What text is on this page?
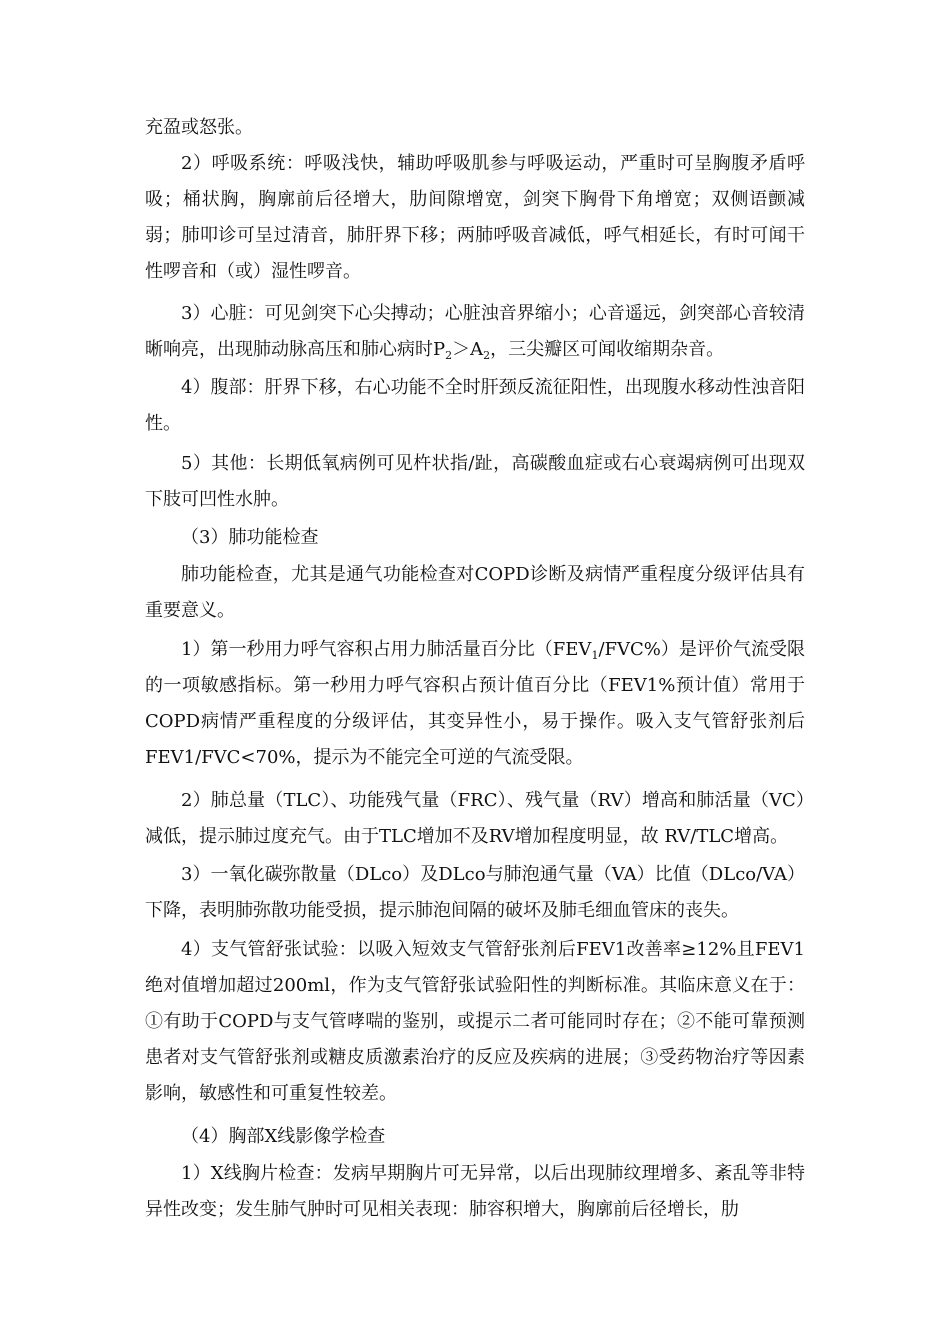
充盈或怒张。
2）呼吸系统：呼吸浅快，辅助呼吸肌参与呼吸运动，严重时可呈胸腹矛盾呼吸；桶状胸，胸廓前后径增大，肋间隙增宽，剑突下胸骨下角增宽；双侧语颤减弱；肺叩诊可呈过清音，肺肝界下移；两肺呼吸音减低，呼气相延长，有时可闻干性啰音和（或）湿性啰音。
3）心脏：可见剑突下心尖搏动；心脏浊音界缩小；心音遥远，剑突部心音较清晰响亮，出现肺动脉高压和肺心病时$P_2>A_2$，三尖瓣区可闻收缩期杂音。
4）腹部：肝界下移，右心功能不全时肝颈反流征阳性，出现腹水移动性浊音阳性。
5）其他：长期低氧病例可见杵状指/趾，高碳酸血症或右心衰竭病例可出现双下肢可凹性水肿。
（3）肺功能检查
肺功能检查，尤其是通气功能检查对COPD诊断及病情严重程度分级评估具有重要意义。
1）第一秒用力呼气容积占用力肺活量百分比$(FEV_1/FVC\%)$是评价气流受限的一项敏感指标。第一秒用力呼气容积占预计值百分比（FEV1%预计值）常用于COPD病情严重程度的分级评估，其变异性小，易于操作。吸入支气管舒张剂后FEV1/FVC<70%，提示为不能完全可逆的气流受限。
2）肺总量（TLC）、功能残气量（FRC）、残气量（RV）增高和肺活量（VC）减低，提示肺过度充气。由于TLC增加不及RV增加程度明显，故 RV/TLC增高。
3）一氧化碳弥散量（DLco）及DLco与肺泡通气量（VA）比值（DLco/VA）下降，表明肺弥散功能受损，提示肺泡间隔的破坏及肺毛细血管床的丧失。
4）支气管舒张试验：以吸入短效支气管舒张剂后FEV1改善率≥12%且FEV1绝对值增加超过200ml，作为支气管舒张试验阳性的判断标准。其临床意义在于：①有助于COPD与支气管哮喘的鉴别，或提示二者可能同时存在；②不能可靠预测患者对支气管舒张剂或糖皮质激素治疗的反应及疾病的进展；③受药物治疗等因素影响，敏感性和可重复性较差。
（4）胸部X线影像学检查
1）X线胸片检查：发病早期胸片可无异常，以后出现肺纹理增多、紊乱等非特异性改变；发生肺气肿时可见相关表现：肺容积增大，胸廓前后径增长，肋
